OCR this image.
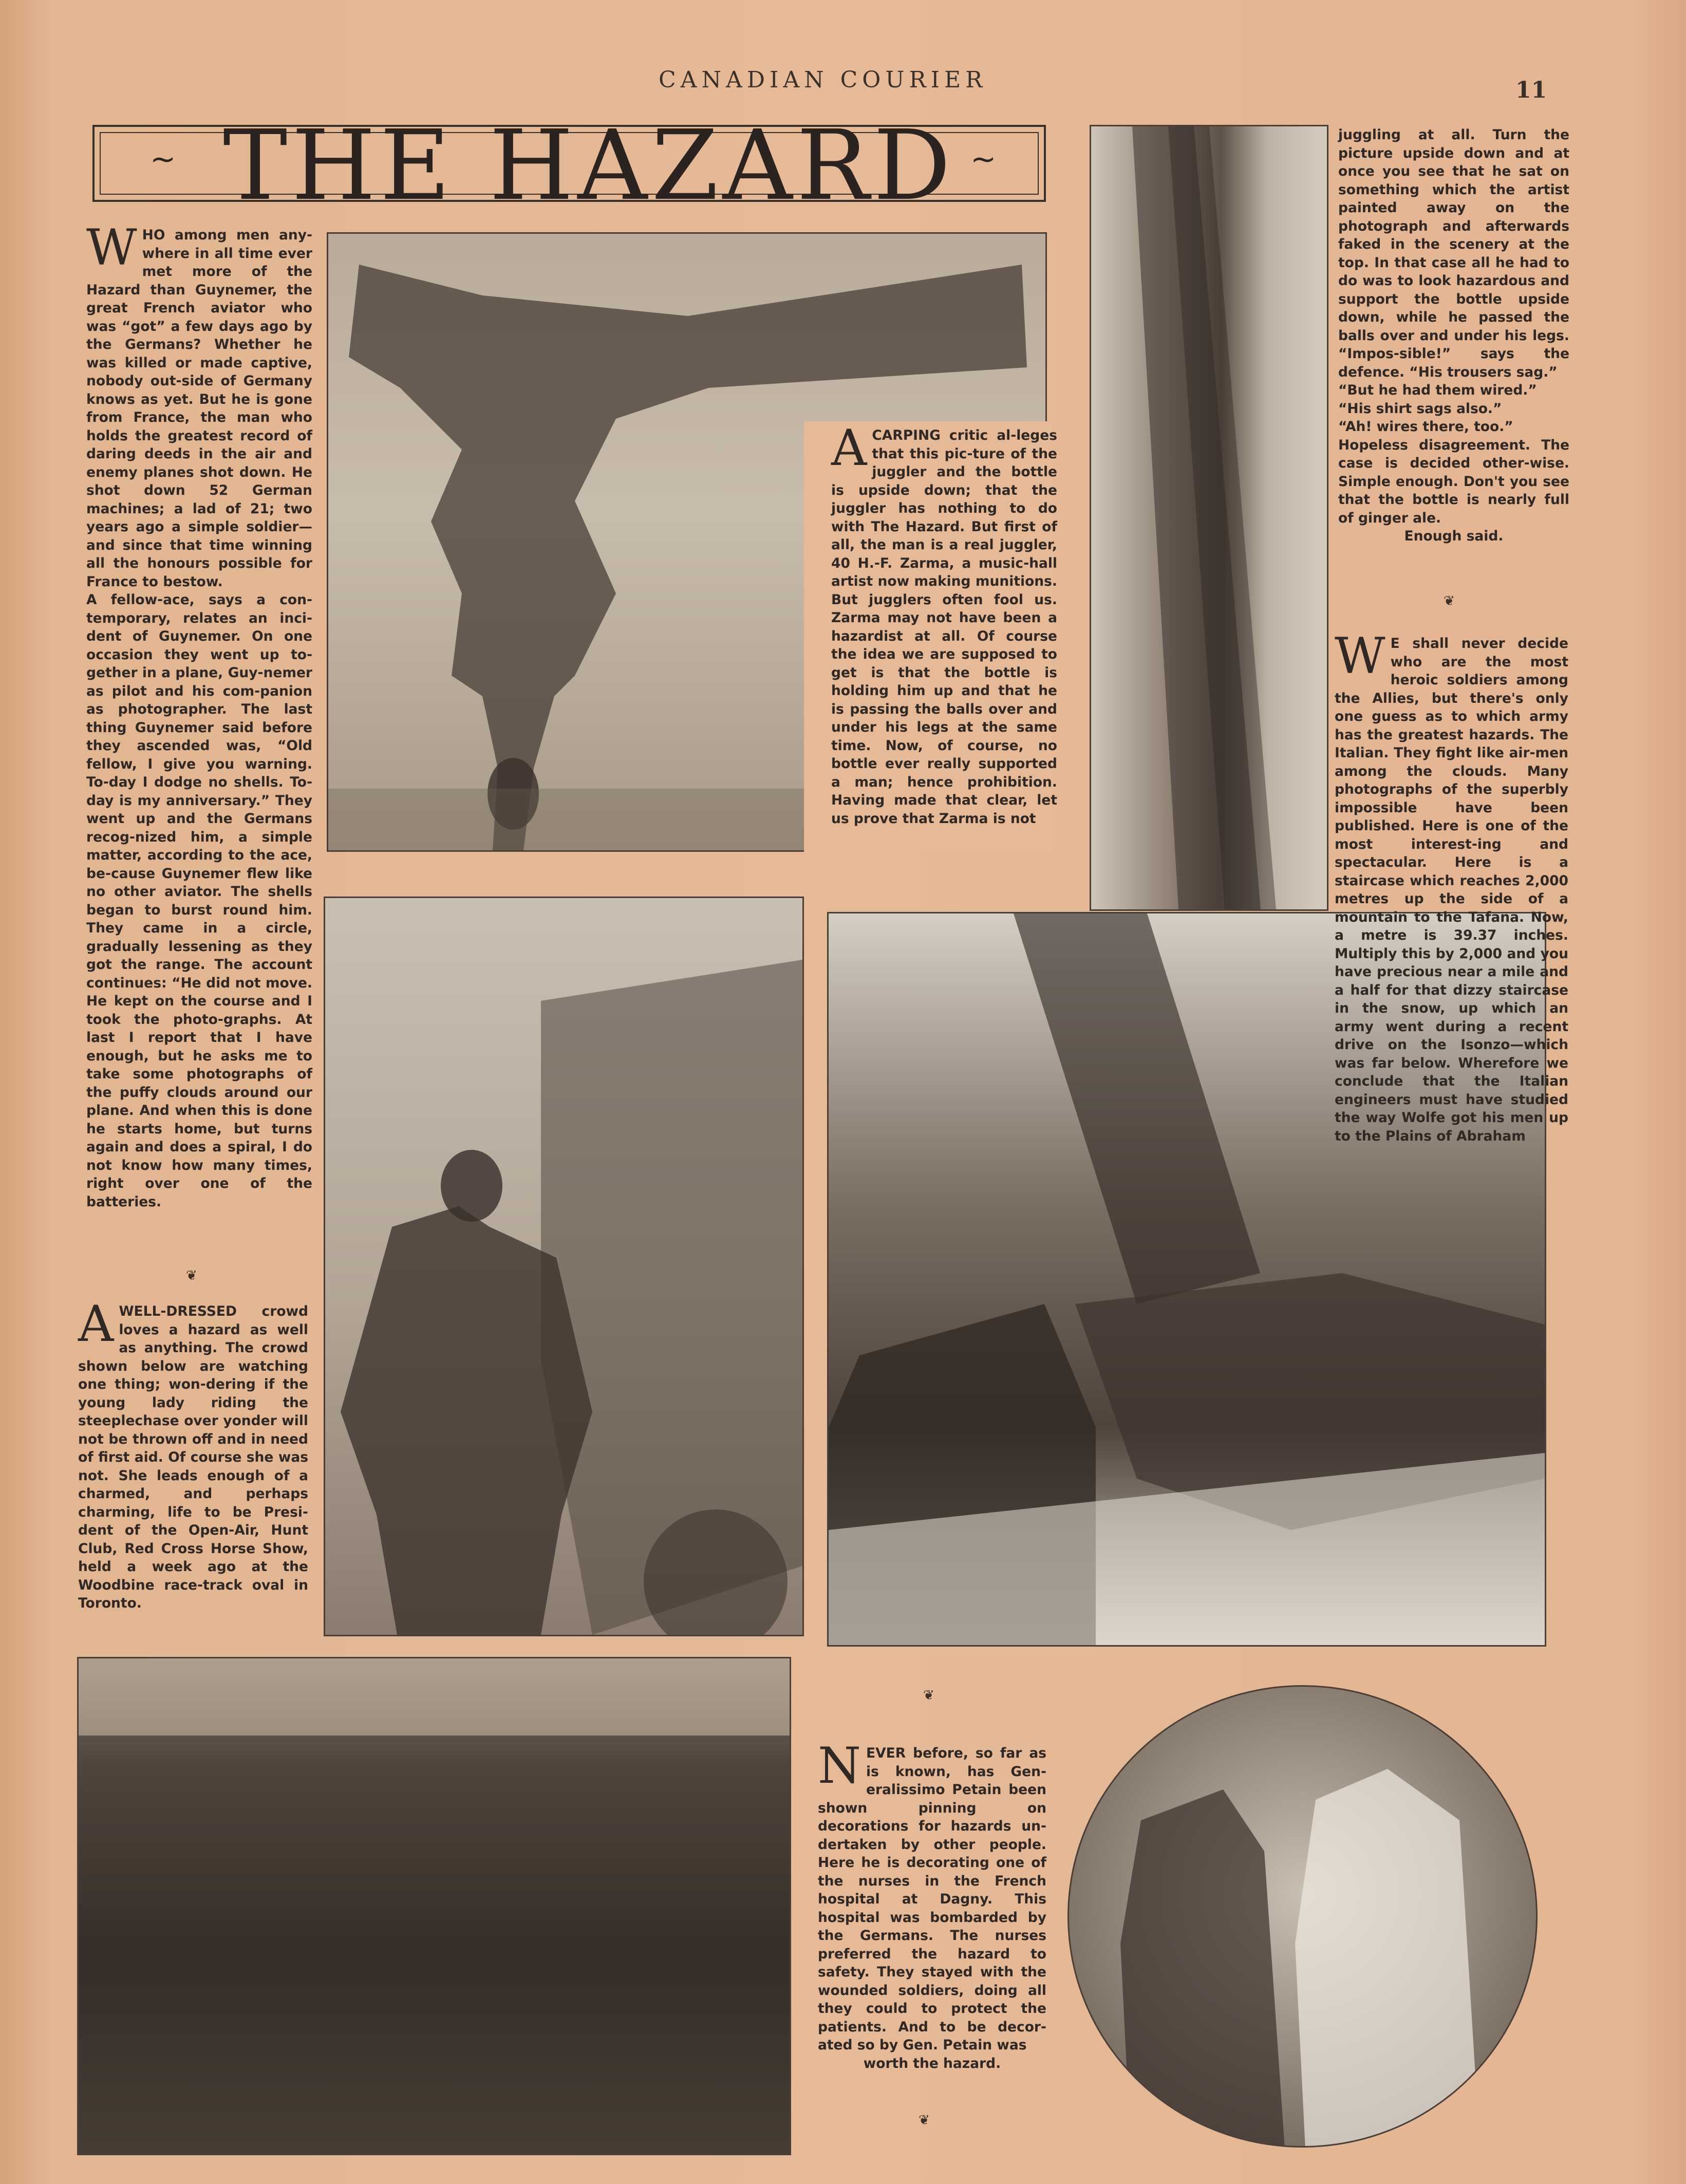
CANADIAN COURIER	11
~ THE HAZARD ~

WHO among men any-where in all time ever met more of the Hazard than Guynemer, the great French aviator who was “got” a few days ago by the Germans? Whether he was killed or made captive, nobody out-side of Germany knows as yet. But he is gone from France, the man who holds the greatest record of daring deeds in the air and enemy planes shot down. He shot down 52 German machines; a lad of 21; two years ago a simple soldier—and since that time winning all the honours possible for France to bestow.

A fellow-ace, says a con-temporary, relates an inci-dent of Guynemer. On one occasion they went up to-gether in a plane, Guy-nemer as pilot and his com-panion as photographer. The last thing Guynemer said before they ascended was, “Old fellow, I give you warning. To-day I dodge no shells. To-day is my anniversary.” They went up and the Germans recog-nized him, a simple matter, according to the ace, be-cause Guynemer flew like no other aviator. The shells began to burst round him. They came in a circle, gradually lessening as they got the range. The account continues: “He did not move. He kept on the course and I took the photo-graphs. At last I report that I have enough, but he asks me to take some photographs of the puffy clouds around our plane. And when this is done he starts home, but turns again and does a spiral, I do not know how many times, right over one of the batteries.

❦

AWELL-DRESSED crowd loves a hazard as well as anything. The crowd shown below are watching one thing; won-dering if the young lady riding the steeplechase over yonder will not be thrown off and in need of first aid. Of course she was not. She leads enough of a charmed, and perhaps charming, life to be Presi-dent of the Open-Air, Hunt Club, Red Cross Horse Show, held a week ago at the Woodbine race-track oval in Toronto.

ACARPING critic al-leges that this pic-ture of the juggler and the bottle is upside down; that the juggler has nothing to do with The Hazard. But first of all, the man is a real juggler, 40 H.-F. Zarma, a music-hall artist now making munitions. But jugglers often fool us. Zarma may not have been a hazardist at all. Of course the idea we are supposed to get is that the bottle is holding him up and that he is passing the balls over and under his legs at the same time. Now, of course, no bottle ever really supported a man; hence prohibition. Having made that clear, let us prove that Zarma is not

juggling at all. Turn the picture upside down and at once you see that he sat on something which the artist painted away on the photograph and afterwards faked in the scenery at the top. In that case all he had to do was to look hazardous and support the bottle upside down, while he passed the balls over and under his legs. “Impos-sible!” says the defence. “His trousers sag.”

“But he had them wired.”

“His shirt sags also.”

“Ah! wires there, too.”

Hopeless disagreement. The case is decided other-wise. Simple enough. Don't you see that the bottle is nearly full of ginger ale.

Enough said.

❦

W E shall never decide who are the most heroic soldiers among the Allies, but there's only one guess as to which army has the greatest hazards. The Italian. They fight like air-men among the clouds. Many photographs of the superbly impossible have been published. Here is one of the most interest-ing and spectacular. Here is a staircase which reaches 2,000 metres up the side of a mountain to the Tafana. Now, a metre is 39.37 inches. Multiply this by 2,000 and you have precious near a mile and a half for that dizzy staircase in the snow, up which an army went during a recent drive on the Isonzo—which was far below. Wherefore we conclude that the Italian engineers must have studied the way Wolfe got his men up to the Plains of Abraham

❦

NEVER before, so far as is known, has Gen-eralissimo Petain been shown pinning on decorations for hazards un-dertaken by other people. Here he is decorating one of the nurses in the French hospital at Dagny. This hospital was bombarded by the Germans. The nurses preferred the hazard to safety. They stayed with the wounded soldiers, doing all they could to protect the patients. And to be decor-ated so by Gen. Petain was

worth the hazard.

❦
